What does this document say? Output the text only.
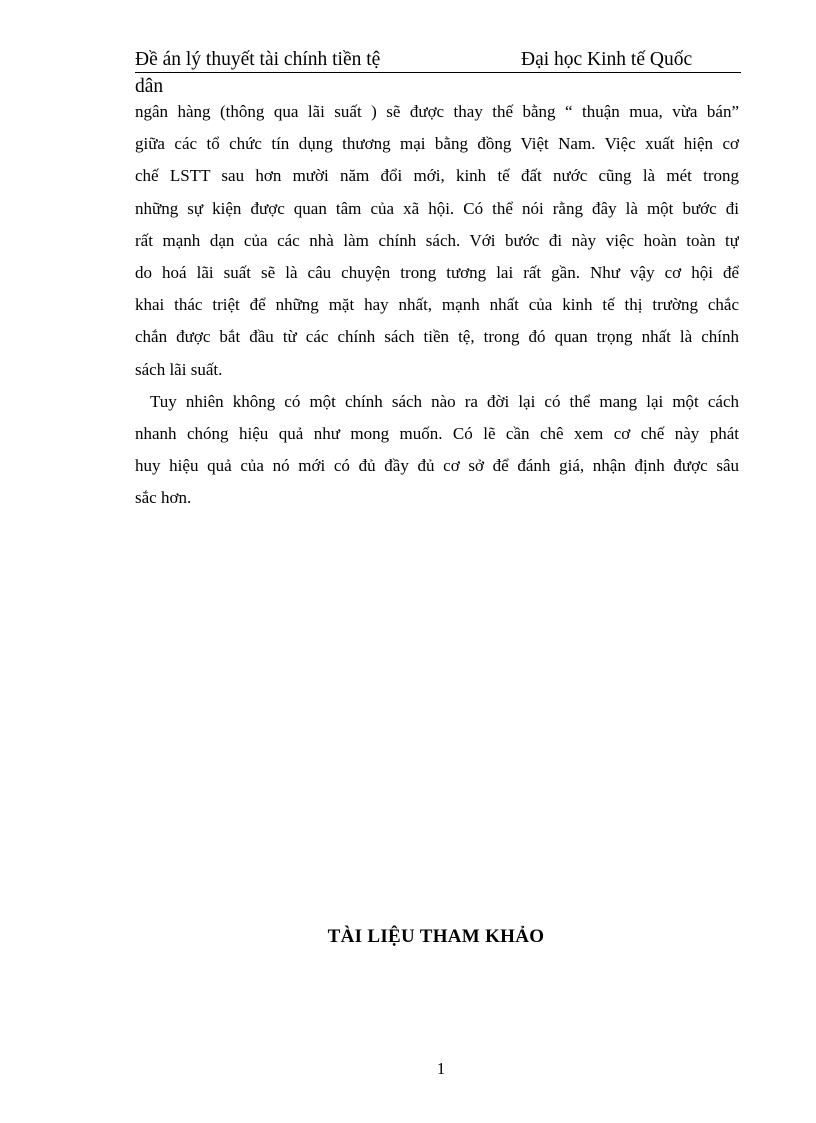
Đề án lý thuyết tài chính tiền tệ	Đại học Kinh tế Quốc
dân
ngân hàng (thông qua lãi suất ) sẽ được thay thế bằng “ thuận mua, vừa bán”
giữa các tổ chức tín dụng thương mại bằng đồng Việt Nam. Việc xuất hiện cơ
chế LSTT sau hơn mười năm đổi mới, kinh tế đất nước cũng là mét trong
những sự kiện được quan tâm của xã hội. Có thể nói rằng đây là một bước đi
rất mạnh dạn của các nhà làm chính sách. Với bước đi này việc hoàn toàn tự
do hoá lãi suất sẽ là câu chuyện trong tương lai rất gần. Như vậy cơ hội để
khai thác triệt để những mặt hay nhất, mạnh nhất của kinh tế thị trường chắc
chắn được bắt đầu từ các chính sách tiền tệ, trong đó quan trọng nhất là chính
sách lãi suất.
Tuy nhiên không có một chính sách nào ra đời lại có thể mang lại một cách
nhanh chóng hiệu quả như mong muốn. Có lẽ cần chê xem cơ chế này phát
huy hiệu quả của nó mới có đủ đầy đủ cơ sở để đánh giá, nhận định được sâu
sắc hơn.
TÀI LIỆU THAM KHẢO
1
